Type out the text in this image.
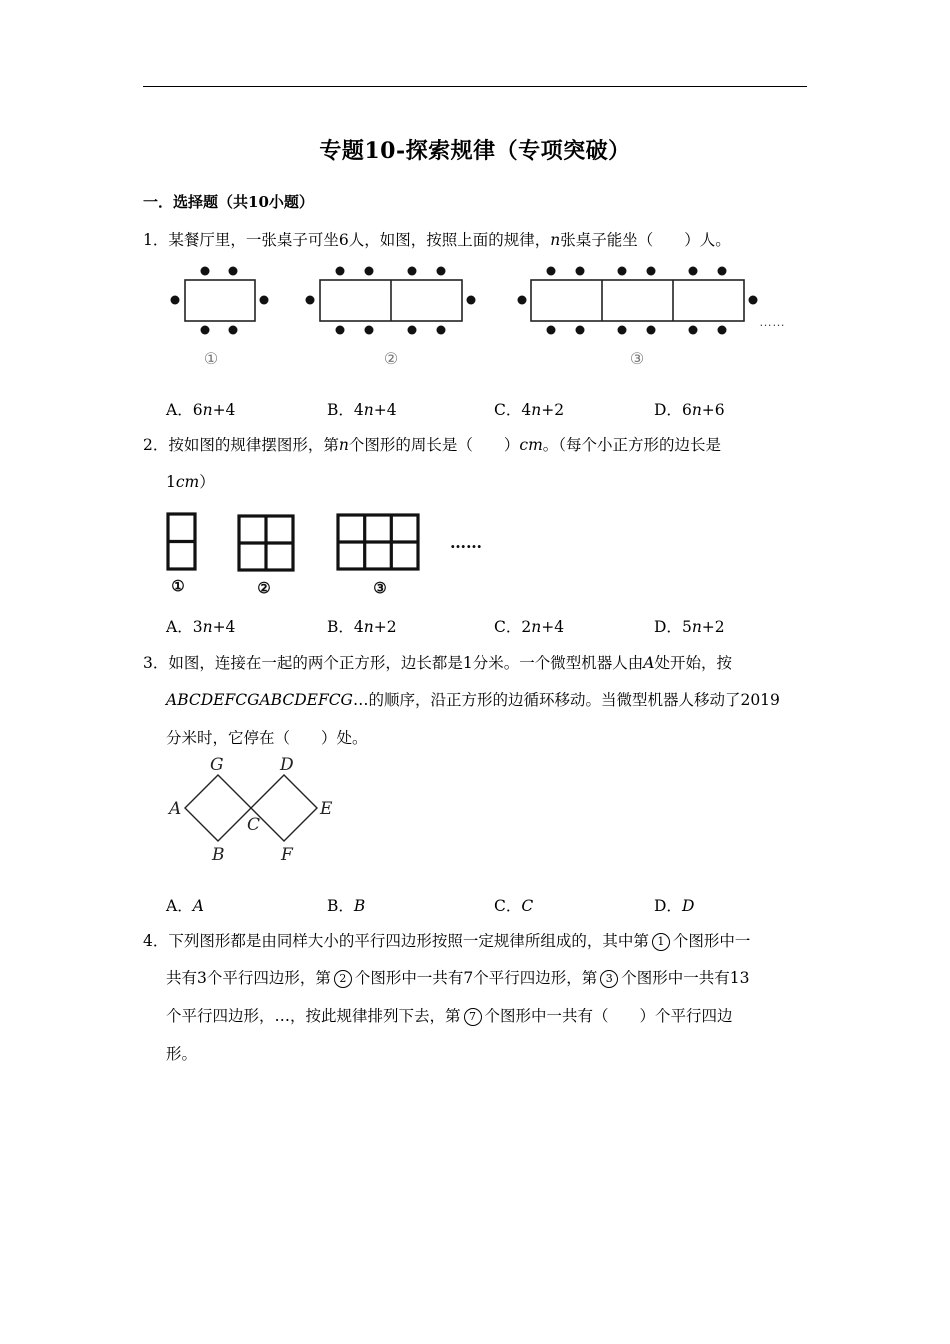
专题10-探索规律（专项突破）
一．选择题（共10小题）
1．某餐厅里，一张桌子可坐6人，如图，按照上面的规律，n张桌子能坐（　　）人。
……
①	②	③
A．6n+4	B．4n+4	C．4n+2	D．6n+6
2．按如图的规律摆图形，第n个图形的周长是（　　）cm。（每个小正方形的边长是
1cm）
……
①	②	③
A．3n+4	B．4n+2	C．2n+4	D．5n+2
3．如图，连接在一起的两个正方形，边长都是1分米。一个微型机器人由A处开始，按
ABCDEFCGABCDEFCG…的顺序，沿正方形的边循环移动。当微型机器人移动了2019
分米时，它停在（　　）处。
A
G	D
C
E
B	F
A．A	B．B	C．C	D．D
4．下列图形都是由同样大小的平行四边形按照一定规律所组成的，其中第 1 个图形中一
共有3个平行四边形，第 2 个图形中一共有7个平行四边形，第 3 个图形中一共有13
个平行四边形，…，按此规律排列下去，第 7 个图形中一共有（　　）个平行四边
形。
